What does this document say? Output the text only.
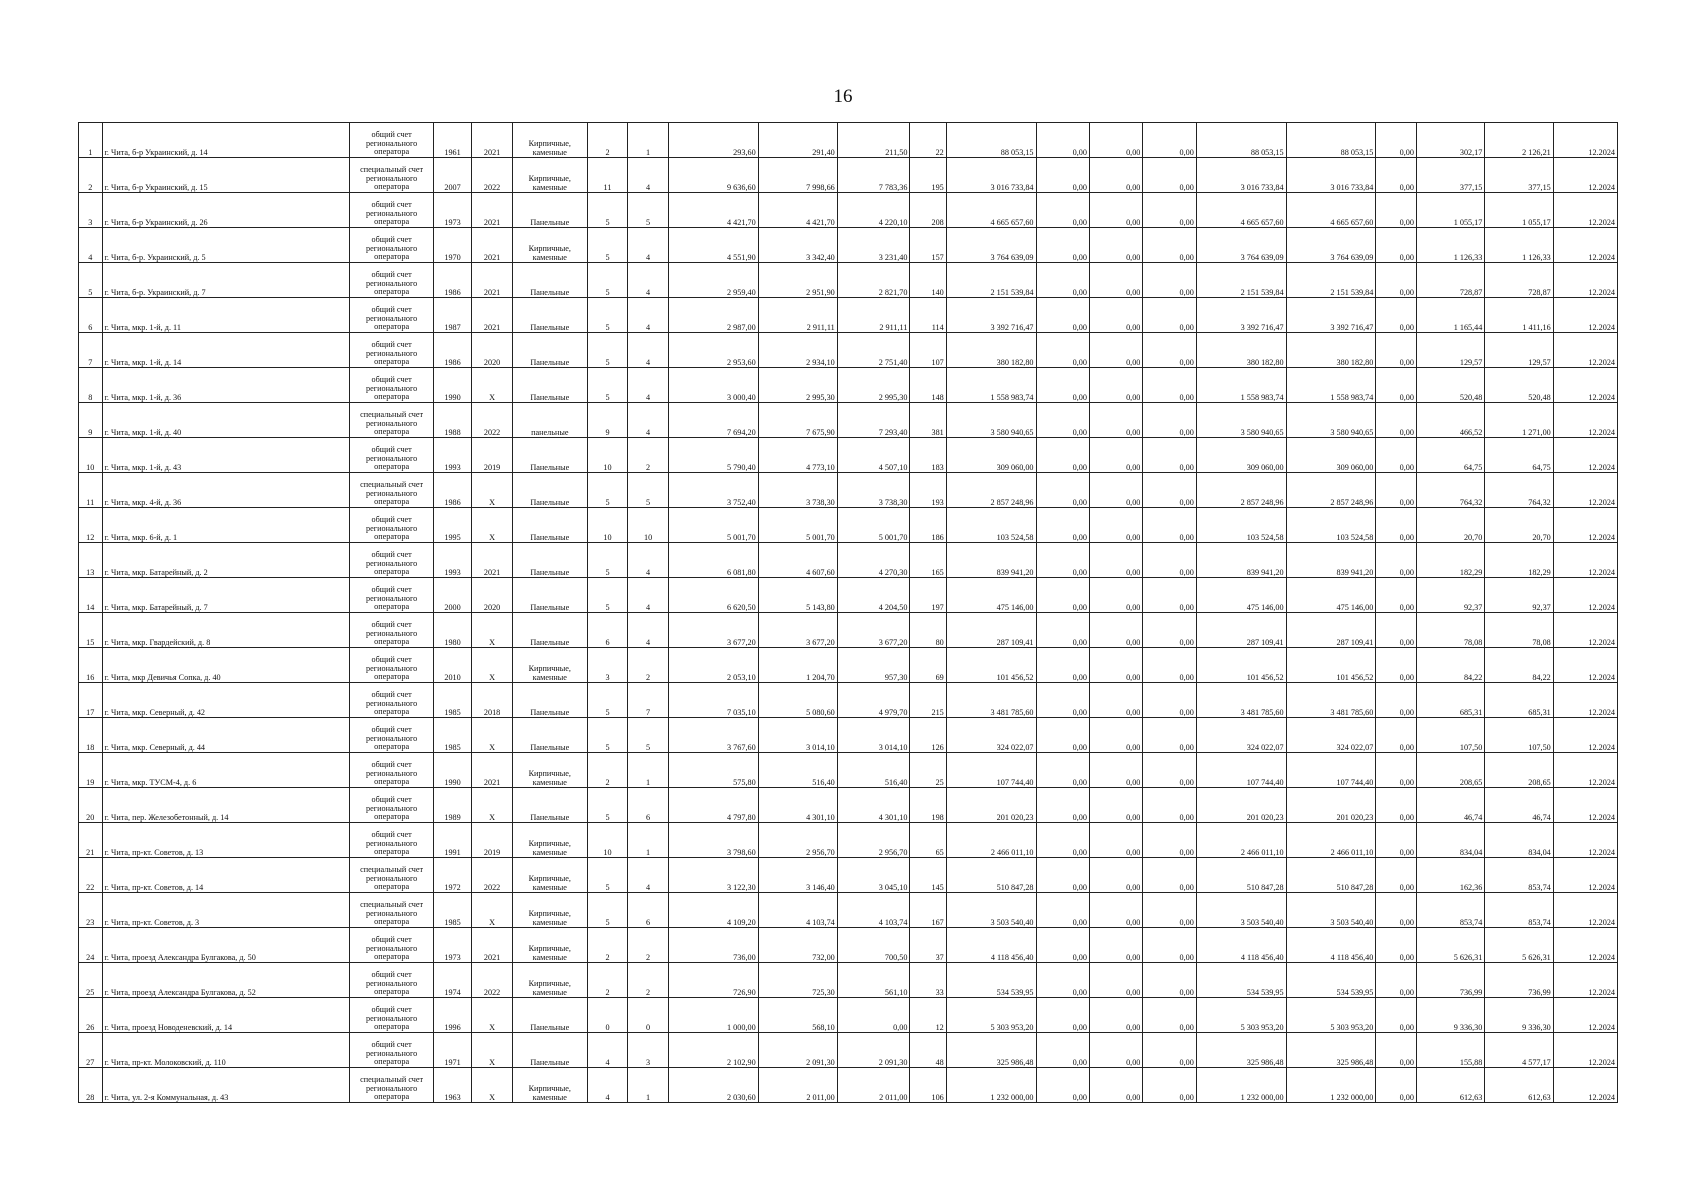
16
1	г. Чита, б-р Украинский, д. 14	общий счет регионального оператора	1961	2021	Кирпичные, каменные	2	1	293,60	291,40	211,50	22	88 053,15	0,00	0,00	0,00	88 053,15	88 053,15	0,00	302,17	2 126,21	12.2024
2	г. Чита, б-р Украинский, д. 15	специальный счет регионального оператора	2007	2022	Кирпичные, каменные	11	4	9 636,60	7 998,66	7 783,36	195	3 016 733,84	0,00	0,00	0,00	3 016 733,84	3 016 733,84	0,00	377,15	377,15	12.2024
3	г. Чита, б-р Украинский, д. 26	общий счет регионального оператора	1973	2021	Панельные	5	5	4 421,70	4 421,70	4 220,10	208	4 665 657,60	0,00	0,00	0,00	4 665 657,60	4 665 657,60	0,00	1 055,17	1 055,17	12.2024
4	г. Чита, б-р. Украинский, д. 5	общий счет регионального оператора	1970	2021	Кирпичные, каменные	5	4	4 551,90	3 342,40	3 231,40	157	3 764 639,09	0,00	0,00	0,00	3 764 639,09	3 764 639,09	0,00	1 126,33	1 126,33	12.2024
5	г. Чита, б-р. Украинский, д. 7	общий счет регионального оператора	1986	2021	Панельные	5	4	2 959,40	2 951,90	2 821,70	140	2 151 539,84	0,00	0,00	0,00	2 151 539,84	2 151 539,84	0,00	728,87	728,87	12.2024
6	г. Чита, мкр. 1-й, д. 11	общий счет регионального оператора	1987	2021	Панельные	5	4	2 987,00	2 911,11	2 911,11	114	3 392 716,47	0,00	0,00	0,00	3 392 716,47	3 392 716,47	0,00	1 165,44	1 411,16	12.2024
7	г. Чита, мкр. 1-й, д. 14	общий счет регионального оператора	1986	2020	Панельные	5	4	2 953,60	2 934,10	2 751,40	107	380 182,80	0,00	0,00	0,00	380 182,80	380 182,80	0,00	129,57	129,57	12.2024
8	г. Чита, мкр. 1-й, д. 36	общий счет регионального оператора	1990	Х	Панельные	5	4	3 000,40	2 995,30	2 995,30	148	1 558 983,74	0,00	0,00	0,00	1 558 983,74	1 558 983,74	0,00	520,48	520,48	12.2024
9	г. Чита, мкр. 1-й, д. 40	специальный счет регионального оператора	1988	2022	панельные	9	4	7 694,20	7 675,90	7 293,40	381	3 580 940,65	0,00	0,00	0,00	3 580 940,65	3 580 940,65	0,00	466,52	1 271,00	12.2024
10	г. Чита, мкр. 1-й, д. 43	общий счет регионального оператора	1993	2019	Панельные	10	2	5 790,40	4 773,10	4 507,10	183	309 060,00	0,00	0,00	0,00	309 060,00	309 060,00	0,00	64,75	64,75	12.2024
11	г. Чита, мкр. 4-й, д. 36	специальный счет регионального оператора	1986	Х	Панельные	5	5	3 752,40	3 738,30	3 738,30	193	2 857 248,96	0,00	0,00	0,00	2 857 248,96	2 857 248,96	0,00	764,32	764,32	12.2024
12	г. Чита, мкр. 6-й, д. 1	общий счет регионального оператора	1995	Х	Панельные	10	10	5 001,70	5 001,70	5 001,70	186	103 524,58	0,00	0,00	0,00	103 524,58	103 524,58	0,00	20,70	20,70	12.2024
13	г. Чита, мкр. Батарейный, д. 2	общий счет регионального оператора	1993	2021	Панельные	5	4	6 081,80	4 607,60	4 270,30	165	839 941,20	0,00	0,00	0,00	839 941,20	839 941,20	0,00	182,29	182,29	12.2024
14	г. Чита, мкр. Батарейный, д. 7	общий счет регионального оператора	2000	2020	Панельные	5	4	6 620,50	5 143,80	4 204,50	197	475 146,00	0,00	0,00	0,00	475 146,00	475 146,00	0,00	92,37	92,37	12.2024
15	г. Чита, мкр. Гвардейский, д. 8	общий счет регионального оператора	1980	Х	Панельные	6	4	3 677,20	3 677,20	3 677,20	80	287 109,41	0,00	0,00	0,00	287 109,41	287 109,41	0,00	78,08	78,08	12.2024
16	г. Чита, мкр Девичья Сопка, д. 40	общий счет регионального оператора	2010	Х	Кирпичные, каменные	3	2	2 053,10	1 204,70	957,30	69	101 456,52	0,00	0,00	0,00	101 456,52	101 456,52	0,00	84,22	84,22	12.2024
17	г. Чита, мкр. Северный, д. 42	общий счет регионального оператора	1985	2018	Панельные	5	7	7 035,10	5 080,60	4 979,70	215	3 481 785,60	0,00	0,00	0,00	3 481 785,60	3 481 785,60	0,00	685,31	685,31	12.2024
18	г. Чита, мкр. Северный, д. 44	общий счет регионального оператора	1985	Х	Панельные	5	5	3 767,60	3 014,10	3 014,10	126	324 022,07	0,00	0,00	0,00	324 022,07	324 022,07	0,00	107,50	107,50	12.2024
19	г. Чита, мкр. ТУСМ-4, д. 6	общий счет регионального оператора	1990	2021	Кирпичные, каменные	2	1	575,80	516,40	516,40	25	107 744,40	0,00	0,00	0,00	107 744,40	107 744,40	0,00	208,65	208,65	12.2024
20	г. Чита, пер. Железобетонный, д. 14	общий счет регионального оператора	1989	Х	Панельные	5	6	4 797,80	4 301,10	4 301,10	198	201 020,23	0,00	0,00	0,00	201 020,23	201 020,23	0,00	46,74	46,74	12.2024
21	г. Чита, пр-кт. Советов, д. 13	общий счет регионального оператора	1991	2019	Кирпичные, каменные	10	1	3 798,60	2 956,70	2 956,70	65	2 466 011,10	0,00	0,00	0,00	2 466 011,10	2 466 011,10	0,00	834,04	834,04	12.2024
22	г. Чита, пр-кт. Советов, д. 14	специальный счет регионального оператора	1972	2022	Кирпичные, каменные	5	4	3 122,30	3 146,40	3 045,10	145	510 847,28	0,00	0,00	0,00	510 847,28	510 847,28	0,00	162,36	853,74	12.2024
23	г. Чита, пр-кт. Советов, д. 3	специальный счет регионального оператора	1985	Х	Кирпичные, каменные	5	6	4 109,20	4 103,74	4 103,74	167	3 503 540,40	0,00	0,00	0,00	3 503 540,40	3 503 540,40	0,00	853,74	853,74	12.2024
24	г. Чита, проезд Александра Булгакова, д. 50	общий счет регионального оператора	1973	2021	Кирпичные, каменные	2	2	736,00	732,00	700,50	37	4 118 456,40	0,00	0,00	0,00	4 118 456,40	4 118 456,40	0,00	5 626,31	5 626,31	12.2024
25	г. Чита, проезд Александра Булгакова, д. 52	общий счет регионального оператора	1974	2022	Кирпичные, каменные	2	2	726,90	725,30	561,10	33	534 539,95	0,00	0,00	0,00	534 539,95	534 539,95	0,00	736,99	736,99	12.2024
26	г. Чита, проезд Новоденевский, д. 14	общий счет регионального оператора	1996	Х	Панельные	0	0	1 000,00	568,10	0,00	12	5 303 953,20	0,00	0,00	0,00	5 303 953,20	5 303 953,20	0,00	9 336,30	9 336,30	12.2024
27	г. Чита, пр-кт. Молоковский, д. 110	общий счет регионального оператора	1971	Х	Панельные	4	3	2 102,90	2 091,30	2 091,30	48	325 986,48	0,00	0,00	0,00	325 986,48	325 986,48	0,00	155,88	4 577,17	12.2024
28	г. Чита, ул. 2-я Коммунальная, д. 43	специальный счет регионального оператора	1963	Х	Кирпичные, каменные	4	1	2 030,60	2 011,00	2 011,00	106	1 232 000,00	0,00	0,00	0,00	1 232 000,00	1 232 000,00	0,00	612,63	612,63	12.2024
